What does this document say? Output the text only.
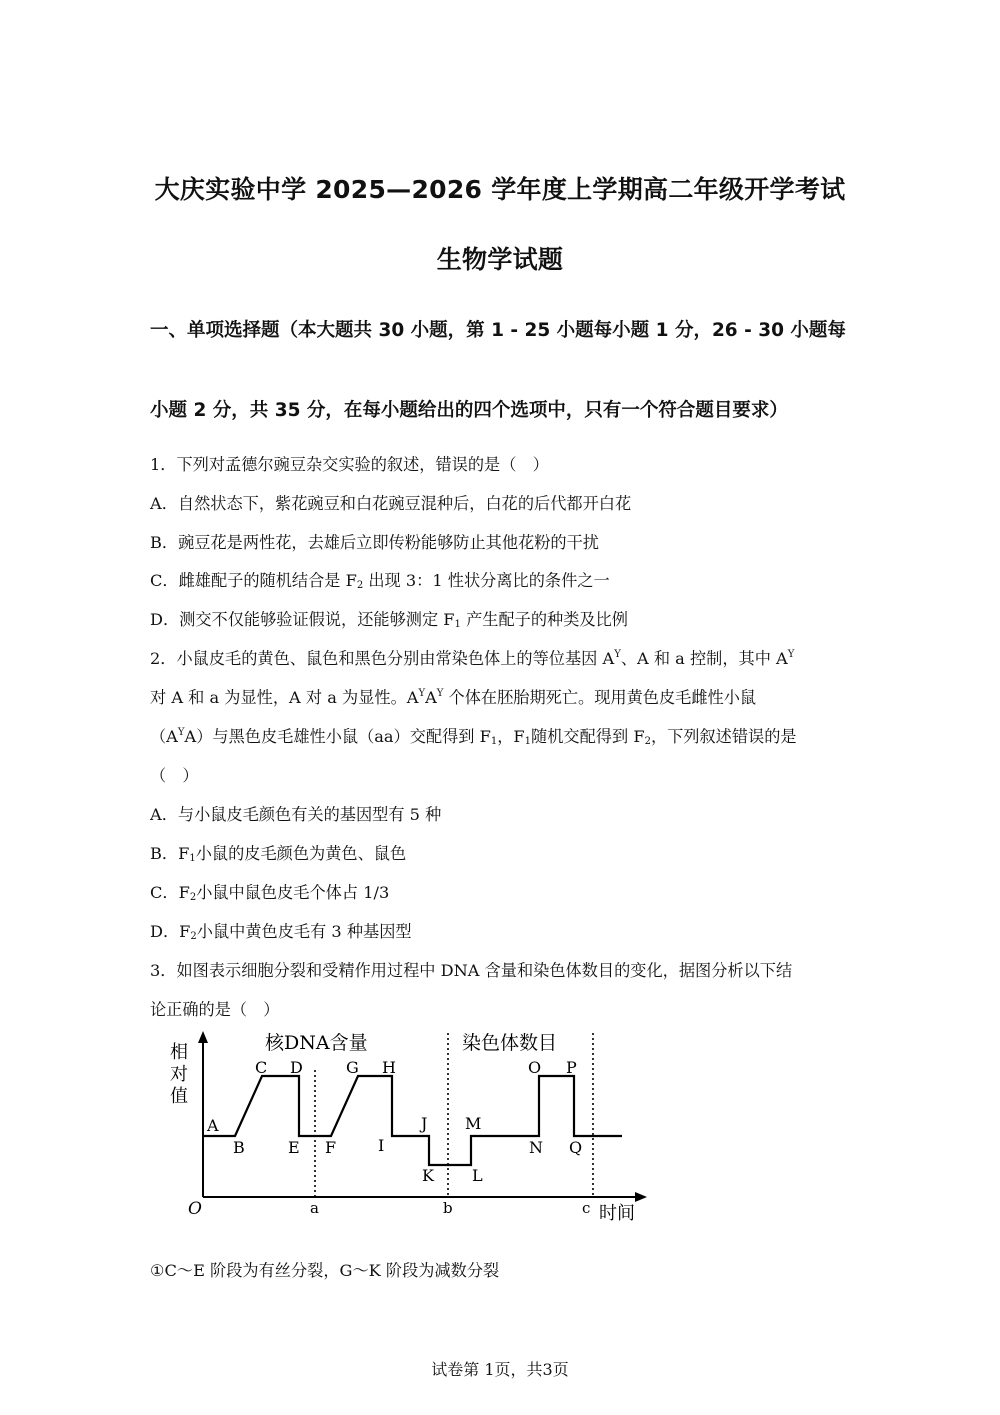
大庆实验中学 2025—2026 学年度上学期高二年级开学考试
生物学试题
一、单项选择题（本大题共 30 小题，第 1 - 25 小题每小题 1 分，26 - 30 小题每
小题 2 分，共 35 分，在每小题给出的四个选项中，只有一个符合题目要求）
1．下列对孟德尔豌豆杂交实验的叙述，错误的是（　）
A．自然状态下，紫花豌豆和白花豌豆混种后，白花的后代都开白花
B．豌豆花是两性花，去雄后立即传粉能够防止其他花粉的干扰
C．雌雄配子的随机结合是 $F_2$ 出现 3：1 性状分离比的条件之一
D．测交不仅能够验证假说，还能够测定 $F_1$ 产生配子的种类及比例
2．小鼠皮毛的黄色、鼠色和黑色分别由常染色体上的等位基因 $A^Y$、A 和 a 控制，其中 $A^Y$
对 A 和 a 为显性，A 对 a 为显性。$A^YA^Y$ 个体在胚胎期死亡。现用黄色皮毛雌性小鼠
$(A^YA)$与黑色皮毛雄性小鼠（aa）交配得到 $F_1$，$F_1$随机交配得到 $F_2$，下列叙述错误的是
（　）
A．与小鼠皮毛颜色有关的基因型有 5 种
B．$F_1$小鼠的皮毛颜色为黄色、鼠色
C．$F_2$小鼠中鼠色皮毛个体占 1/3
D．$F_2$小鼠中黄色皮毛有 3 种基因型
3．如图表示细胞分裂和受精作用过程中 DNA 含量和染色体数目的变化，据图分析以下结
论正确的是（　）
核DNA含量	染色体数目
相
对
值
时间
O	a	b	c
A
B
C D
E F
G H
I
J
K
M
L
O P
N Q
①C～E 阶段为有丝分裂，G～K 阶段为减数分裂
试卷第 1页，共3页
